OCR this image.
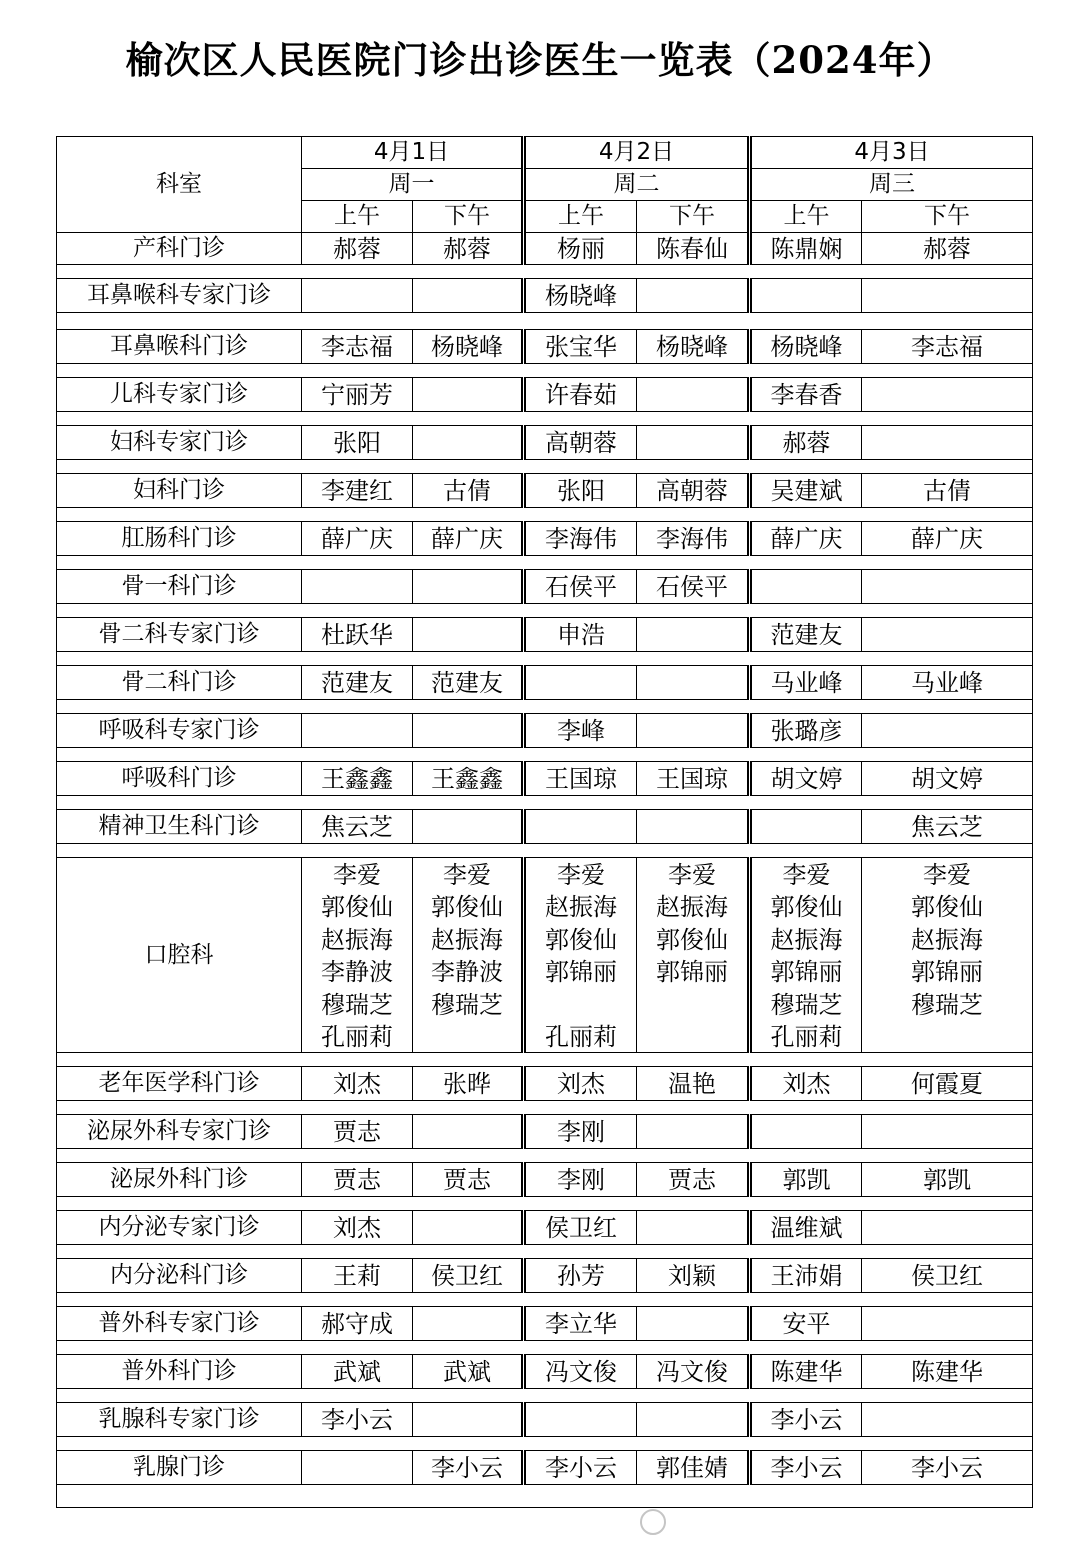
榆次区人民医院门诊出诊医生一览表（2024年）
科室	4月1日		4月2日		4月3日	
	周一		周二		周三	
	上午	下午	上午	下午	上午	下午
产科门诊	郝蓉	郝蓉	杨丽	陈春仙	陈鼎娴	郝蓉

耳鼻喉科专家门诊			杨晓峰			

耳鼻喉科门诊	李志福	杨晓峰	张宝华	杨晓峰	杨晓峰	李志福

儿科专家门诊	宁丽芳		许春茹		李春香	

妇科专家门诊	张阳		高朝蓉		郝蓉	

妇科门诊	李建红	古倩	张阳	高朝蓉	吴建斌	古倩

肛肠科门诊	薛广庆	薛广庆	李海伟	李海伟	薛广庆	薛广庆

骨一科门诊			石侯平	石侯平		

骨二科专家门诊	杜跃华		申浩		范建友	

骨二科门诊	范建友	范建友			马业峰	马业峰

呼吸科专家门诊			李峰		张璐彦	

呼吸科门诊	王鑫鑫	王鑫鑫	王国琼	王国琼	胡文婷	胡文婷

精神卫生科门诊	焦云芝					焦云芝

口腔科	李爱	李爱	李爱	李爱	李爱	李爱
	郭俊仙	郭俊仙	赵振海	赵振海	郭俊仙	郭俊仙
	赵振海	赵振海	郭俊仙	郭俊仙	赵振海	赵振海
	李静波	李静波	郭锦丽	郭锦丽	郭锦丽	郭锦丽
	穆瑞芝	穆瑞芝			穆瑞芝	穆瑞芝
	孔丽莉		孔丽莉		孔丽莉	

老年医学科门诊	刘杰	张晔	刘杰	温艳	刘杰	何霞夏

泌尿外科专家门诊	贾志		李刚			

泌尿外科门诊	贾志	贾志	李刚	贾志	郭凯	郭凯

内分泌专家门诊	刘杰		侯卫红		温维斌	

内分泌科门诊	王莉	侯卫红	孙芳	刘颖	王沛娟	侯卫红

普外科专家门诊	郝守成		李立华		安平	

普外科门诊	武斌	武斌	冯文俊	冯文俊	陈建华	陈建华

乳腺科专家门诊	李小云				李小云	

乳腺门诊		李小云	李小云	郭佳婧	李小云	李小云
